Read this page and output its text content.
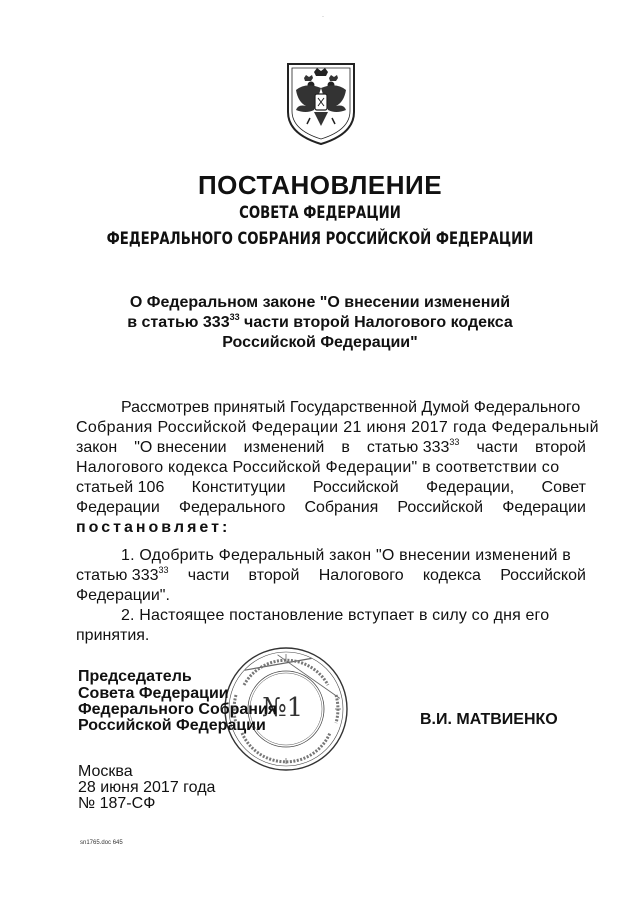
·
ПОСТАНОВЛЕНИЕ
СОВЕТА ФЕДЕРАЦИИ
ФЕДЕРАЛЬНОГО СОБРАНИЯ РОССИЙСКОЙ ФЕДЕРАЦИИ
О Федеральном законе "О внесении изменений
в статью $333^{33}$ части второй Налогового кодекса
Российской Федерации"
Рассмотрев принятый Государственной Думой Федерального
Собрания Российской Федерации 21 июня 2017 года Федеральный
закон "О внесении изменений в статью $333^{33}$ части второй
Налогового кодекса Российской Федерации" в соответствии со
статьей 106 Конституции Российской Федерации, Совет
Федерации Федерального Собрания Российской Федерации
постановляет:
1. Одобрить Федеральный закон "О внесении изменений в
статью $333^{33}$ части второй Налогового кодекса Российской
Федерации".
2. Настоящее постановление вступает в силу со дня его
принятия.
№1
Председатель
Совета Федерации
Федерального Собрания
Российской Федерации	В.И. МАТВИЕНКО
Москва
28 июня 2017 года
№ 187-СФ
sn1765.doc 645
